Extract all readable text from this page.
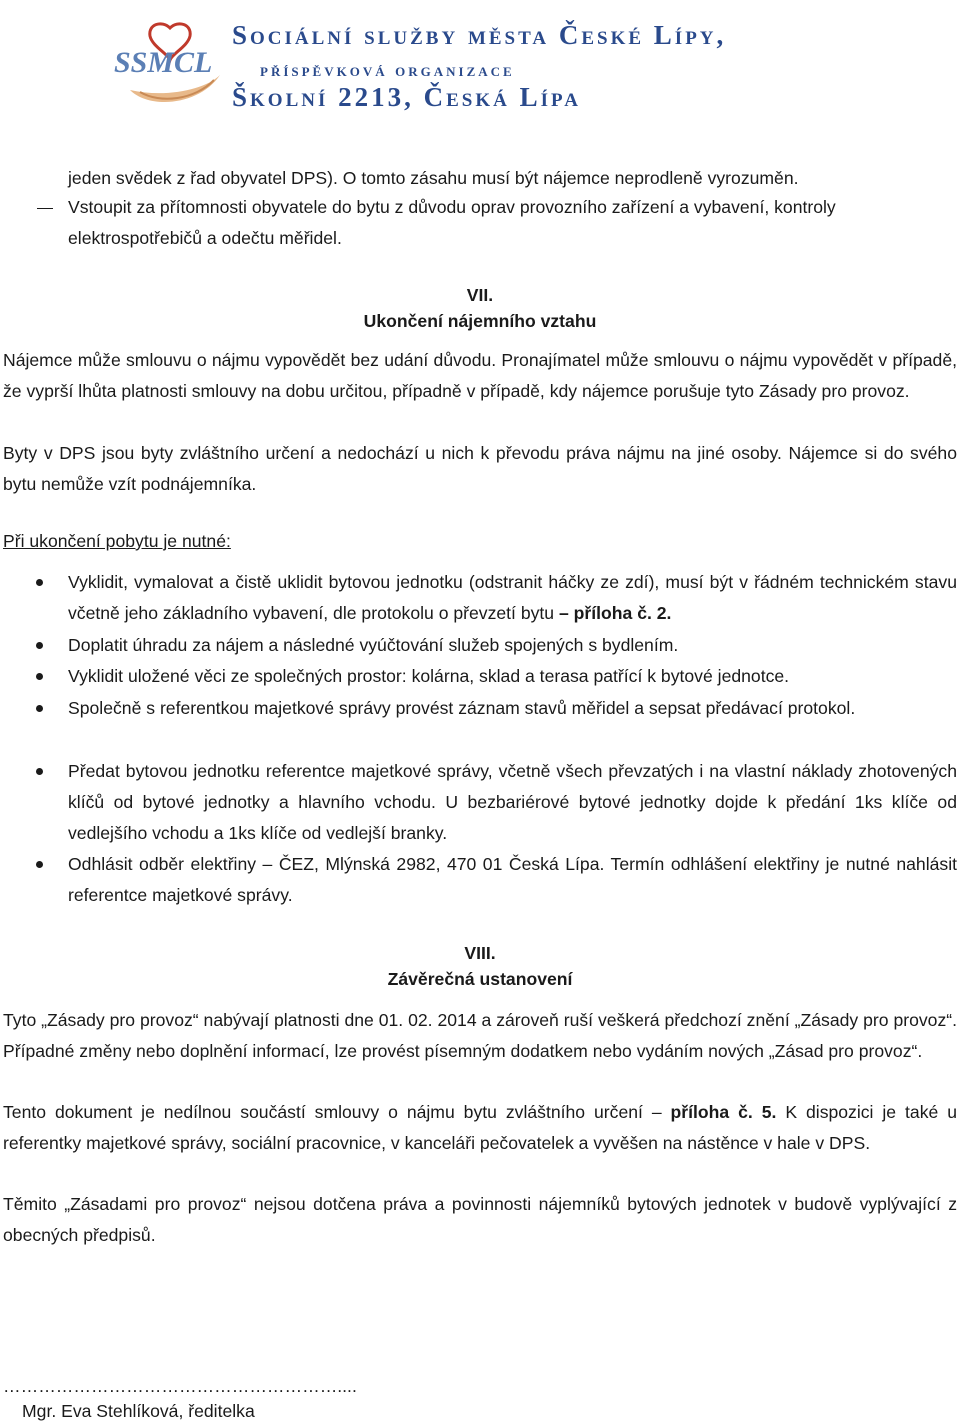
SSMCL
Sociální služby města České Lípy,
příspěvková organizace
Školní 2213, Česká Lípa

jeden svědek z řad obyvatel DPS). O tomto zásahu musí být nájemce neprodleně vyrozuměn.

Vstoupit za přítomnosti obyvatele do bytu z důvodu oprav provozního zařízení a vybavení, kontroly elektrospotřebičů a odečtu měřidel.

VII.
Ukončení nájemního vztahu

Nájemce může smlouvu o nájmu vypovědět bez udání důvodu. Pronajímatel může smlouvu o nájmu vypovědět v případě, že vyprší lhůta platnosti smlouvy na dobu určitou, případně v případě, kdy nájemce porušuje tyto Zásady pro provoz.

Byty v DPS jsou byty zvláštního určení a nedochází u nich k převodu práva nájmu na jiné osoby. Nájemce si do svého bytu nemůže vzít podnájemníka.

Při ukončení pobytu je nutné:

Vyklidit, vymalovat a čistě uklidit bytovou jednotku (odstranit háčky ze zdí), musí být v řádném technickém stavu včetně jeho základního vybavení, dle protokolu o převzetí bytu – příloha č. 2.

Doplatit úhradu za nájem a následné vyúčtování služeb spojených s bydlením.

Vyklidit uložené věci ze společných prostor: kolárna, sklad a terasa patřící k bytové jednotce.

Společně s referentkou majetkové správy provést záznam stavů měřidel a sepsat předávací protokol.

Předat bytovou jednotku referentce majetkové správy, včetně všech převzatých i na vlastní náklady zhotovených klíčů od bytové jednotky a hlavního vchodu. U bezbariérové bytové jednotky dojde k předání 1ks klíče od vedlejšího vchodu a 1ks klíče od vedlejší branky.

Odhlásit odběr elektřiny – ČEZ, Mlýnská 2982, 470 01 Česká Lípa. Termín odhlášení elektřiny je nutné nahlásit referentce majetkové správy.

VIII.
Závěrečná ustanovení

Tyto „Zásady pro provoz“ nabývají platnosti dne 01. 02. 2014 a zároveň ruší veškerá předchozí znění „Zásady pro provoz“. Případné změny nebo doplnění informací, lze provést písemným dodatkem nebo vydáním nových „Zásad pro provoz“.

Tento dokument je nedílnou součástí smlouvy o nájmu bytu zvláštního určení – příloha č. 5. K dispozici je také u referentky majetkové správy, sociální pracovnice, v kanceláři pečovatelek a vyvěšen na nástěnce v hale v DPS.

Těmito „Zásadami pro provoz“ nejsou dotčena práva a povinnosti nájemníků bytových jednotek v budově vyplývající z obecných předpisů.

…………………………………………………....
Mgr. Eva Stehlíková, ředitelka
